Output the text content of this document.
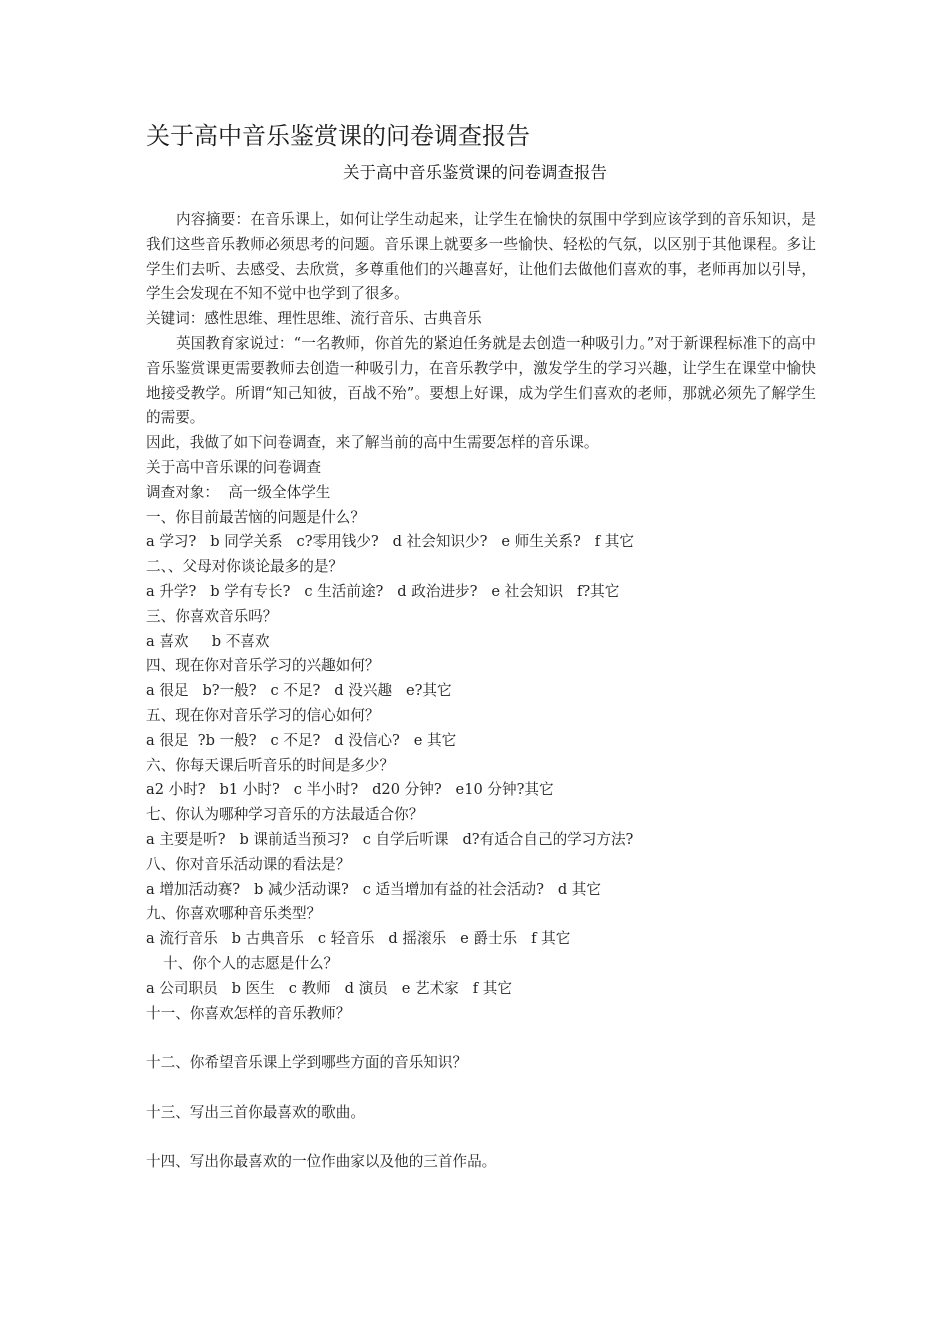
关于高中音乐鉴赏课的问卷调查报告
关于高中音乐鉴赏课的问卷调查报告

内容摘要：在音乐课上，如何让学生动起来，让学生在愉快的氛围中学到应该学到的音乐知识，是我们这些音乐教师必须思考的问题。音乐课上就要多一些愉快、轻松的气氛，以区别于其他课程。多让学生们去听、去感受、去欣赏，多尊重他们的兴趣喜好，让他们去做他们喜欢的事，老师再加以引导，学生会发现在不知不觉中也学到了很多。

关键词：感性思维、理性思维、流行音乐、古典音乐

英国教育家说过：“一名教师，你首先的紧迫任务就是去创造一种吸引力。”对于新课程标准下的高中音乐鉴赏课更需要教师去创造一种吸引力，在音乐教学中，激发学生的学习兴趣，让学生在课堂中愉快地接受教学。所谓“知己知彼，百战不殆”。要想上好课，成为学生们喜欢的老师，那就必须先了解学生的需要。

因此，我做了如下问卷调查，来了解当前的高中生需要怎样的音乐课。

关于高中音乐课的问卷调查

调查对象：  高一级全体学生

一、你目前最苦恼的问题是什么？

a 学习?   b 同学关系   c?零用钱少?   d 社会知识少?   e 师生关系?   f 其它

二、、父母对你谈论最多的是？

a 升学?   b 学有专长?   c 生活前途?   d 政治进步?   e 社会知识   f?其它

三、你喜欢音乐吗？

a 喜欢     b 不喜欢

四、现在你对音乐学习的兴趣如何？

a 很足   b?一般?   c 不足?   d 没兴趣   e?其它

五、现在你对音乐学习的信心如何？

a 很足  ?b 一般?   c 不足?   d 没信心?   e 其它

六、你每天课后听音乐的时间是多少？

a2 小时?   b1 小时?   c 半小时?   d20 分钟?   e10 分钟?其它

七、你认为哪种学习音乐的方法最适合你？

a 主要是听?   b 课前适当预习?   c 自学后听课   d?有适合自己的学习方法?

八、你对音乐活动课的看法是？

a 增加活动赛?   b 减少活动课?   c 适当增加有益的社会活动?   d 其它

九、你喜欢哪种音乐类型？

a 流行音乐   b 古典音乐   c 轻音乐   d 摇滚乐   e 爵士乐   f 其它

十、你个人的志愿是什么？

a 公司职员   b 医生   c 教师   d 演员   e 艺术家   f 其它

十一、你喜欢怎样的音乐教师？

十二、你希望音乐课上学到哪些方面的音乐知识？

十三、写出三首你最喜欢的歌曲。

十四、写出你最喜欢的一位作曲家以及他的三首作品。
